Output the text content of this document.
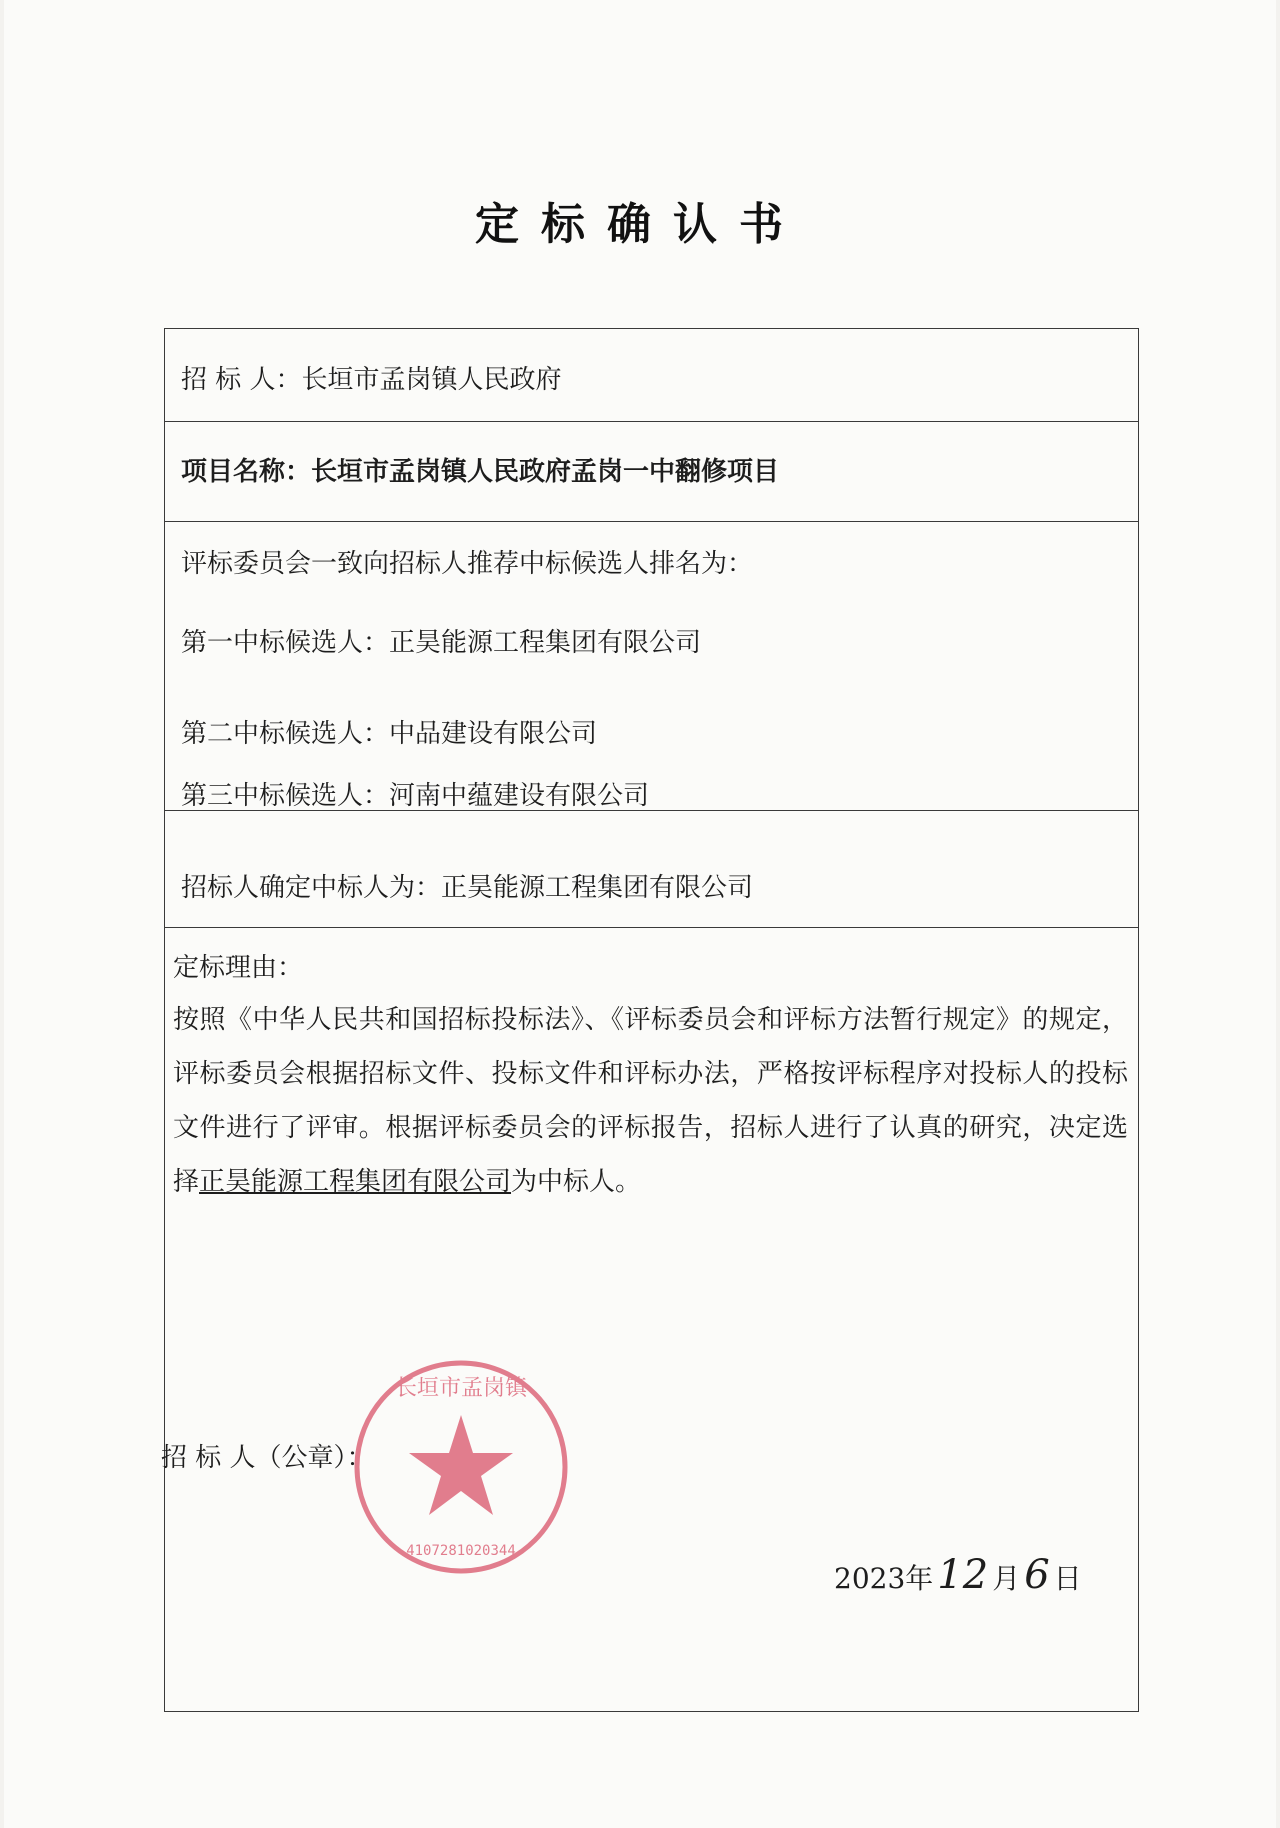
定标确认书
招 标 人：长垣市孟岗镇人民政府
项目名称：长垣市孟岗镇人民政府孟岗一中翻修项目
评标委员会一致向招标人推荐中标候选人排名为：
第一中标候选人：正昊能源工程集团有限公司
第二中标候选人：中品建设有限公司
第三中标候选人：河南中蕴建设有限公司
招标人确定中标人为：正昊能源工程集团有限公司
定标理由：
按照《中华人民共和国招标投标法》、《评标委员会和评标方法暂行规定》的规定，评标委员会根据招标文件、投标文件和评标办法，严格按评标程序对投标人的投标文件进行了评审。根据评标委员会的评标报告，招标人进行了认真的研究，决定选择正昊能源工程集团有限公司为中标人。
招 标 人（公章）：
长垣市孟岗镇
4107281020344
2023年 12 月 6 日
